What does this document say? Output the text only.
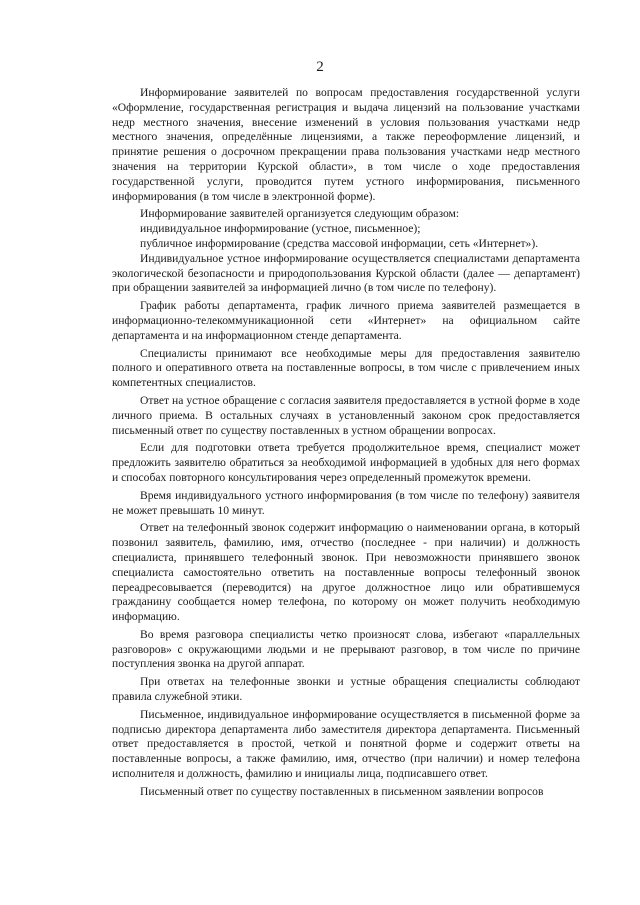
2

Информирование заявителей по вопросам предоставления государственной услуги «Оформление, государственная регистрация и выдача лицензий на пользование участками недр местного значения, внесение изменений в условия пользования участками недр местного значения, определённые лицензиями, а также переоформление лицензий, и принятие решения о досрочном прекращении права пользования участками недр местного значения на территории Курской области», в том числе о ходе предоставления государственной услуги, проводится путем устного информирования, письменного информирования (в том числе в электронной форме).

Информирование заявителей организуется следующим образом:

индивидуальное информирование (устное, письменное);

публичное информирование (средства массовой информации, сеть «Интернет»).

Индивидуальное устное информирование осуществляется специалистами департамента экологической безопасности и природопользования Курской области (далее — департамент) при обращении заявителей за информацией лично (в том числе по телефону).

График работы департамента, график личного приема заявителей размещается в информационно-телекоммуникационной сети «Интернет» на официальном сайте департамента и на информационном стенде департамента.

Специалисты принимают все необходимые меры для предоставления заявителю полного и оперативного ответа на поставленные вопросы, в том числе с привлечением иных компетентных специалистов.

Ответ на устное обращение с согласия заявителя предоставляется в устной форме в ходе личного приема. В остальных случаях в установленный законом срок предоставляется письменный ответ по существу поставленных в устном обращении вопросах.

Если для подготовки ответа требуется продолжительное время, специалист может предложить заявителю обратиться за необходимой информацией в удобных для него формах и способах повторного консультирования через определенный промежуток времени.

Время индивидуального устного информирования (в том числе по телефону) заявителя не может превышать 10 минут.

Ответ на телефонный звонок содержит информацию о наименовании органа, в который позвонил заявитель, фамилию, имя, отчество (последнее - при наличии) и должность специалиста, принявшего телефонный звонок. При невозможности принявшего звонок специалиста самостоятельно ответить на поставленные вопросы телефонный звонок переадресовывается (переводится) на другое должностное лицо или обратившемуся гражданину сообщается номер телефона, по которому он может получить необходимую информацию.

Во время разговора специалисты четко произносят слова, избегают «параллельных разговоров» с окружающими людьми и не прерывают разговор, в том числе по причине поступления звонка на другой аппарат.

При ответах на телефонные звонки и устные обращения специалисты соблюдают правила служебной этики.

Письменное, индивидуальное информирование осуществляется в письменной форме за подписью директора департамента либо заместителя директора департамента. Письменный ответ предоставляется в простой, четкой и понятной форме и содержит ответы на поставленные вопросы, а также фамилию, имя, отчество (при наличии) и номер телефона исполнителя и должность, фамилию и инициалы лица, подписавшего ответ.

Письменный ответ по существу поставленных в письменном заявлении вопросов
